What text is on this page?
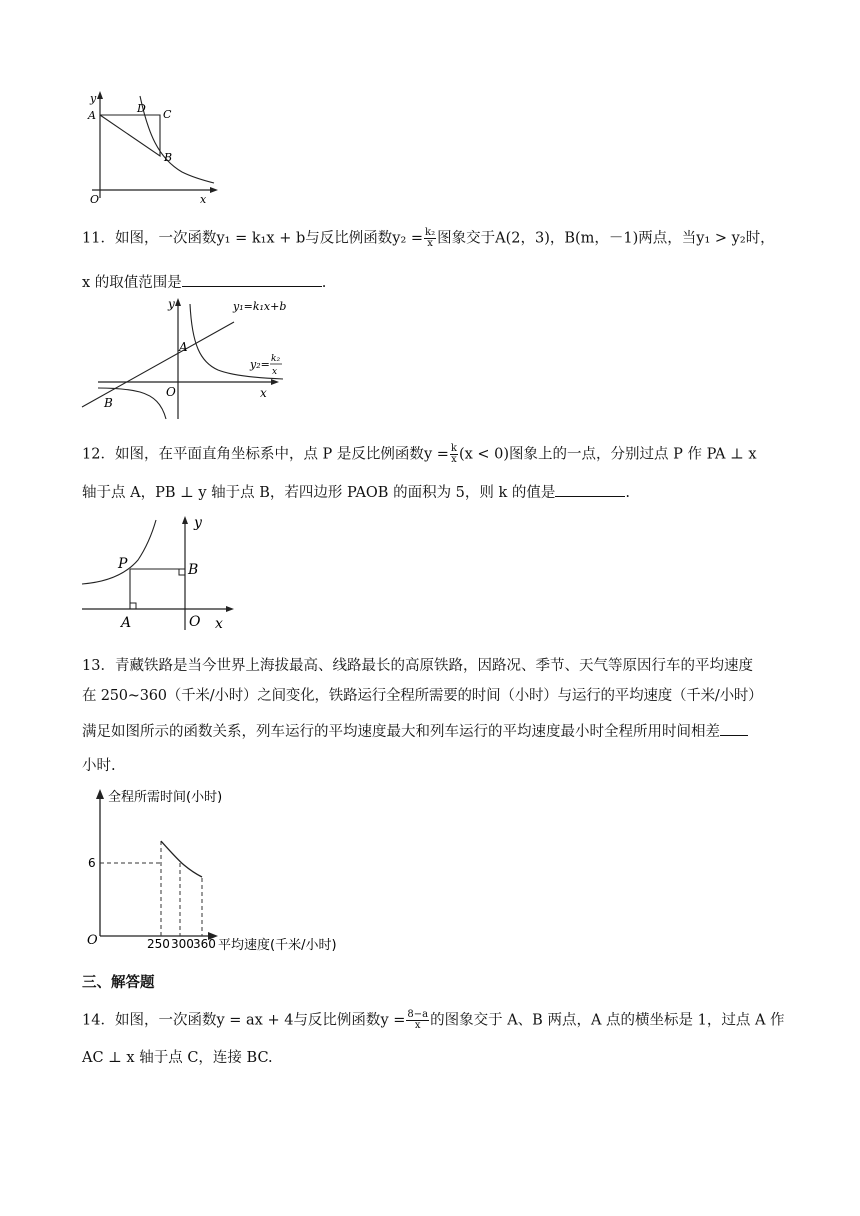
y
A
D C
B
O	x
11．如图，一次函数y₁ = k₁x + b与反比例函数$y_2 = \frac{\text{k₂}}{x}$ 图象交于A(2，3)，B(m，－1)两点，当y₁ > y₂时，
x 的取值范围是	.
y	y₁=k₁x+b
A
y₂= k₂
x
O	x
B
12．如图，在平面直角坐标系中，点 P 是反比例函数$y = \frac{k}{x} (x < 0)$图象上的一点，分别过点 P 作 PA ⊥ x
轴于点 A，PB ⊥ y 轴于点 B，若四边形 PAOB 的面积为 5，则 k 的值是	.
y
P	B
A	O x
13．青藏铁路是当今世界上海拔最高、线路最长的高原铁路，因路况、季节、天气等原因行车的平均速度
在 250~360（千米/小时）之间变化，铁路运行全程所需要的时间（小时）与运行的平均速度（千米/小时）
满足如图所示的函数关系，列车运行的平均速度最大和列车运行的平均速度最小时全程所用时间相差
小时.
全程所需时间(小时)
6
O	250 300 360 平均速度(千米/小时)
三、解答题
14．如图，一次函数y = ax + 4与反比例函数$y = \frac{8-a}{x}$ 的图象交于 A、B 两点，A 点的横坐标是 1，过点 A 作
AC ⊥ x 轴于点 C，连接 BC.
